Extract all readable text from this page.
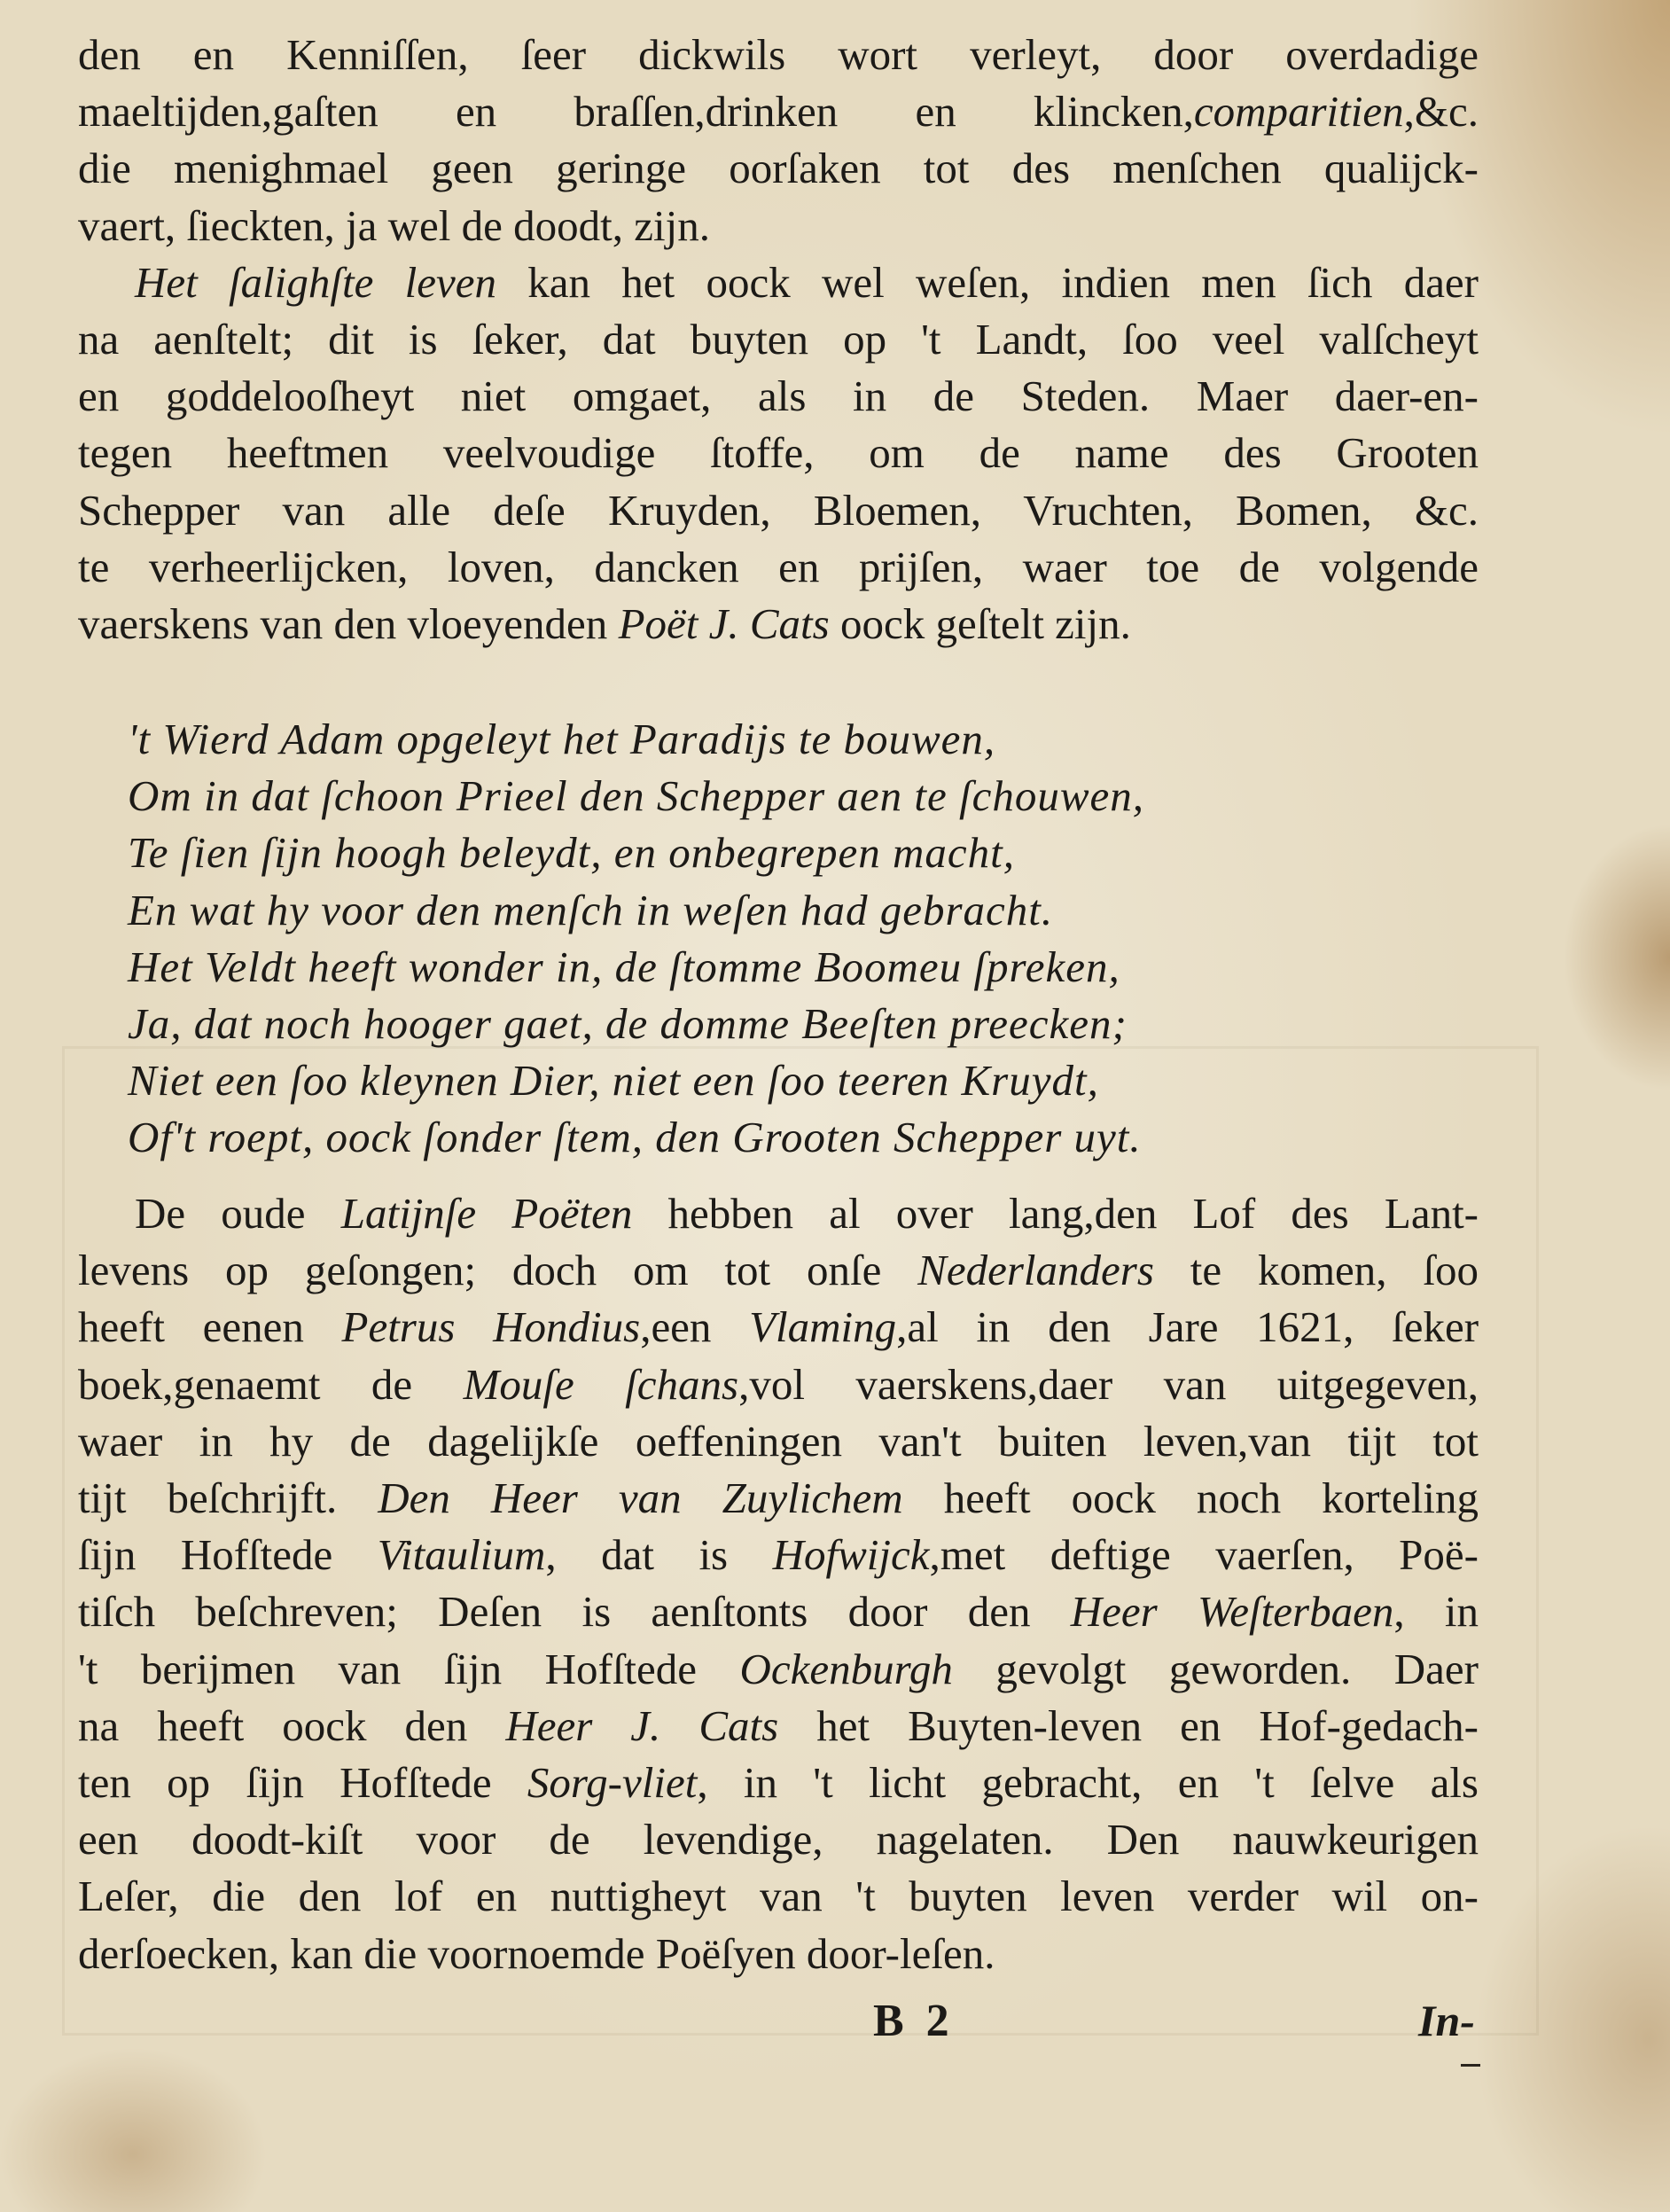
den en Kenniſſen, ſeer dickwils wort verleyt, door overdadige
maeltijden,gaſten en braſſen,drinken en klincken,comparitien,&c.
die menighmael geen geringe oorſaken tot des menſchen qualijck-
vaert, ſieckten, ja wel de doodt, zijn.
Het ſalighſte leven kan het oock wel weſen, indien men ſich daer
na aenſtelt; dit is ſeker, dat buyten op 't Landt, ſoo veel valſcheyt
en goddelooſheyt niet omgaet, als in de Steden. Maer daer-en-
tegen heeftmen veelvoudige ſtoffe, om de name des Grooten
Schepper van alle deſe Kruyden, Bloemen, Vruchten, Bomen, &c.
te verheerlijcken, loven, dancken en prijſen, waer toe de volgende
vaerskens van den vloeyenden Poët J. Cats oock geſtelt zijn.
't Wierd Adam opgeleyt het Paradijs te bouwen,
Om in dat ſchoon Prieel den Schepper aen te ſchouwen,
Te ſien ſijn hoogh beleydt, en onbegrepen macht,
En wat hy voor den menſch in weſen had gebracht.
Het Veldt heeft wonder in, de ſtomme Boomeu ſpreken,
Ja, dat noch hooger gaet, de domme Beeſten preecken;
Niet een ſoo kleynen Dier, niet een ſoo teeren Kruydt,
Of't roept, oock ſonder ſtem, den Grooten Schepper uyt.
De oude Latijnſe Poëten hebben al over lang,den Lof des Lant-
levens op geſongen; doch om tot onſe Nederlanders te komen, ſoo
heeft eenen Petrus Hondius,een Vlaming,al in den Jare 1621, ſeker
boek,genaemt de Mouſe ſchans,vol vaerskens,daer van uitgegeven,
waer in hy de dagelijkſe oeffeningen van't buiten leven,van tijt tot
tijt beſchrijft. Den Heer van Zuylichem heeft oock noch korteling
ſijn Hofſtede Vitaulium, dat is Hofwijck,met deftige vaerſen, Poë-
tiſch beſchreven; Deſen is aenſtonts door den Heer Weſterbaen, in
't berijmen van ſijn Hofſtede Ockenburgh gevolgt geworden. Daer
na heeft oock den Heer J. Cats het Buyten-leven en Hof-gedach-
ten op ſijn Hofſtede Sorg-vliet, in 't licht gebracht, en 't ſelve als
een doodt-kiſt voor de levendige, nagelaten. Den nauwkeurigen
Leſer, die den lof en nuttigheyt van 't buyten leven verder wil on-
derſoecken, kan die voornoemde Poëſyen door-leſen.
B 2	In-
